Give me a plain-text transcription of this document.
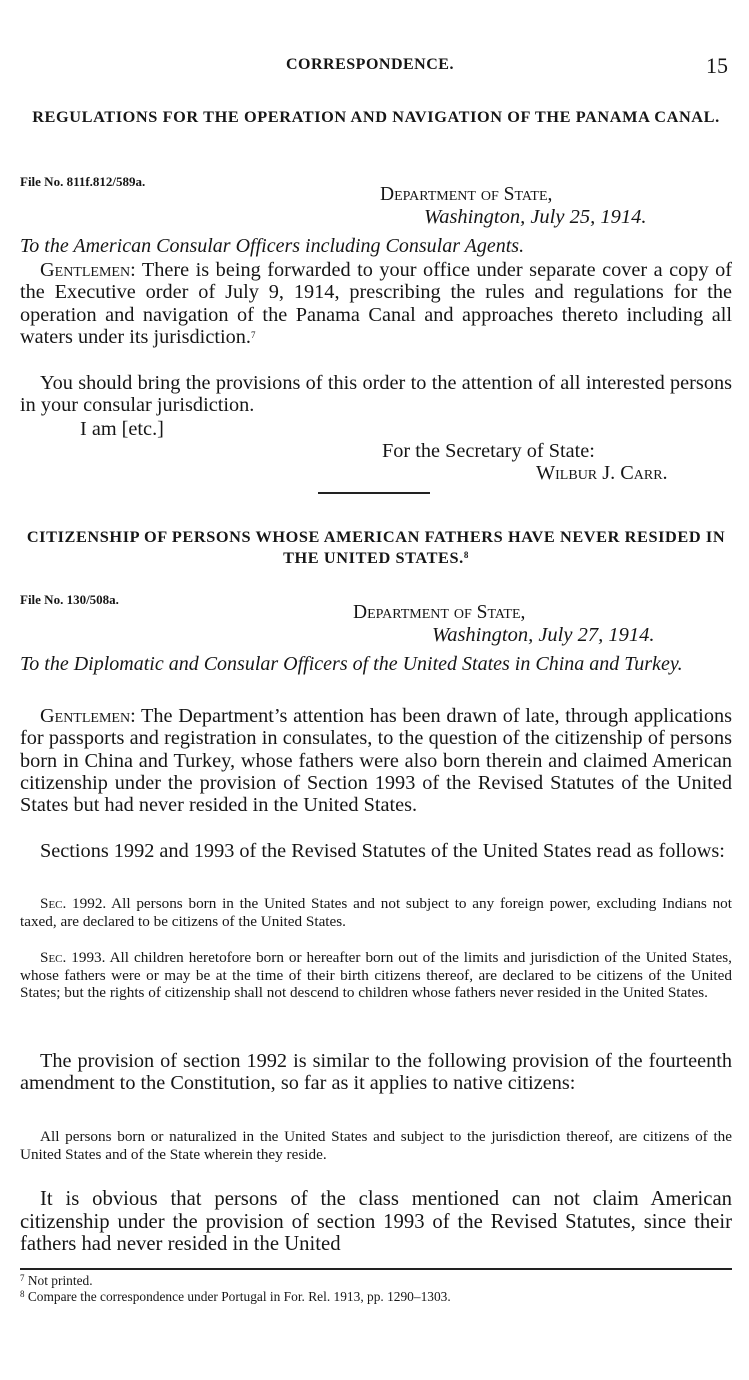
CORRESPONDENCE.	15
REGULATIONS FOR THE OPERATION AND NAVIGATION OF THE PANAMA CANAL.
File No. 811f.812/589a.
Department of State,
Washington, July 25, 1914.
To the American Consular Officers including Consular Agents.
Gentlemen: There is being forwarded to your office under separate cover a copy of the Executive order of July 9, 1914, prescribing the rules and regulations for the operation and navigation of the Panama Canal and approaches thereto including all waters under its jurisdiction.$^7$
You should bring the provisions of this order to the attention of all interested persons in your consular jurisdiction.
I am [etc.]
For the Secretary of State:
Wilbur J. Carr.
CITIZENSHIP OF PERSONS WHOSE AMERICAN FATHERS HAVE NEVER RESIDED IN THE UNITED STATES.$^8$
File No. 130/508a.
Department of State,
Washington, July 27, 1914.
To the Diplomatic and Consular Officers of the United States in China and Turkey.
Gentlemen: The Department’s attention has been drawn of late, through applications for passports and registration in consulates, to the question of the citizenship of persons born in China and Turkey, whose fathers were also born therein and claimed American citizenship under the provision of Section 1993 of the Revised Statutes of the United States but had never resided in the United States.
Sections 1992 and 1993 of the Revised Statutes of the United States read as follows:
Sec. 1992. All persons born in the United States and not subject to any foreign power, excluding Indians not taxed, are declared to be citizens of the United States.
Sec. 1993. All children heretofore born or hereafter born out of the limits and jurisdiction of the United States, whose fathers were or may be at the time of their birth citizens thereof, are declared to be citizens of the United States; but the rights of citizenship shall not descend to children whose fathers never resided in the United States.
The provision of section 1992 is similar to the following provision of the fourteenth amendment to the Constitution, so far as it applies to native citizens:
All persons born or naturalized in the United States and subject to the jurisdiction thereof, are citizens of the United States and of the State wherein they reside.
It is obvious that persons of the class mentioned can not claim American citizenship under the provision of section 1993 of the Revised Statutes, since their fathers had never resided in the United
$^7$ Not printed.
$^8$ Compare the correspondence under Portugal in For. Rel. 1913, pp. 1290–1303.
